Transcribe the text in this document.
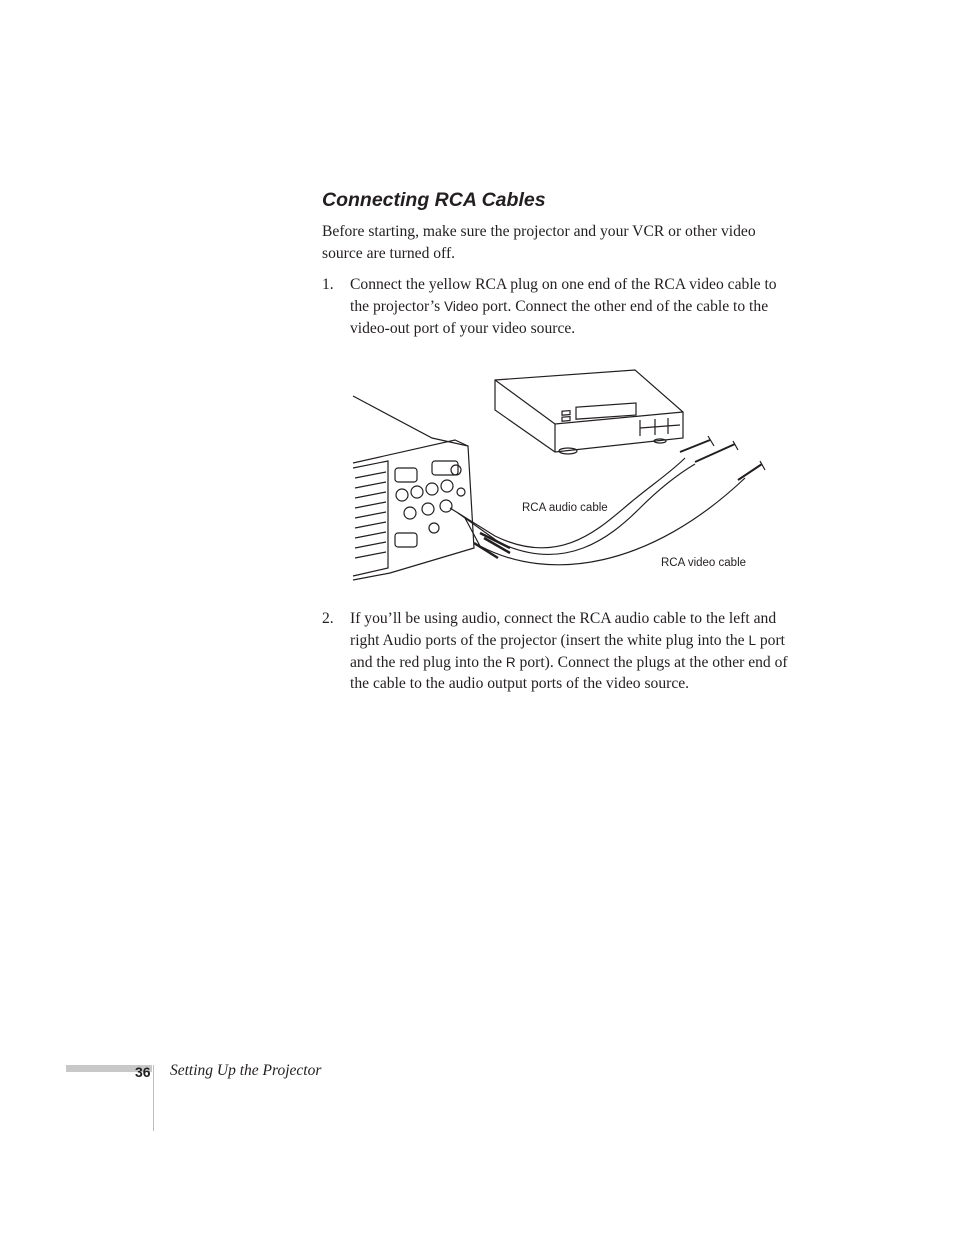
Connecting RCA Cables

Before starting, make sure the projector and your VCR or other video source are turned off.

1. Connect the yellow RCA plug on one end of the RCA video cable to the projector’s Video port. Connect the other end of the cable to the video-out port of your video source.
RCA audio cable
RCA video cable
2. If you’ll be using audio, connect the RCA audio cable to the left and right Audio ports of the projector (insert the white plug into the L port and the red plug into the R port). Connect the plugs at the other end of the cable to the audio output ports of the video source.
36 Setting Up the Projector
